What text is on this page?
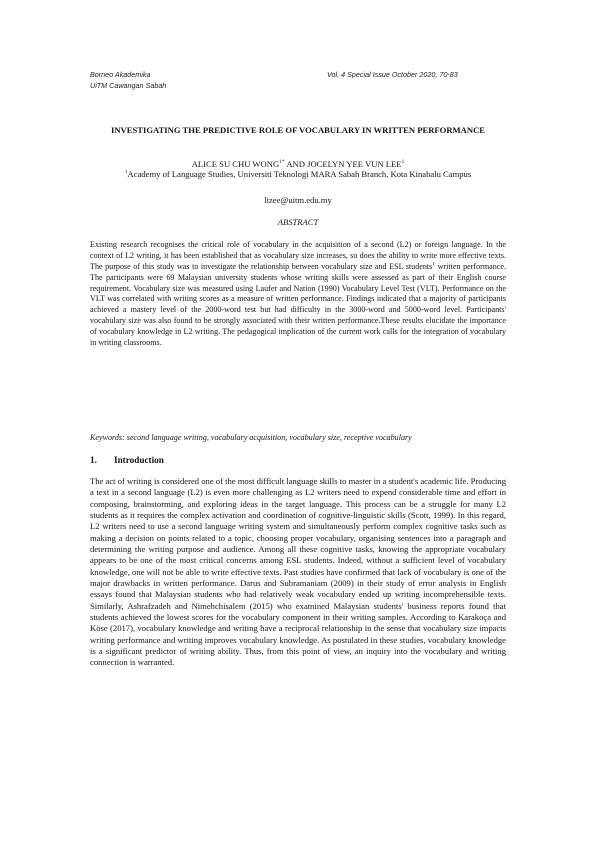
Borneo Akademika
UiTM Cawangan Sabah
Vol. 4 Special Issue October 2020, 70-83
INVESTIGATING THE PREDICTIVE ROLE OF VOCABULARY IN WRITTEN PERFORMANCE
ALICE SU CHU $WONG^{1*}$ AND JOCELYN YEE VUN LEE$^1$
$^1$Academy of Language Studies, Universiti Teknologi MARA Sabah Branch, Kota Kinabalu Campus
lizee@uitm.edu.my
ABSTRACT

Existing research recognises the critical role of vocabulary in the acquisition of a second (L2) or foreign language. In the context of L2 writing, it has been established that as vocabulary size increases, so does the ability to write more effective texts. The purpose of this study was to investigate the relationship between vocabulary size and ESL students$^1$ written performance. The participants were 69 Malaysian university students whose writing skills were assessed as part of their English course requirement. Vocabulary size was measured using Laufer and Nation (1990) Vocabulary Level Test (VLT). Performance on the VLT was correlated with writing scores as a measure of written performance. Findings indicated that a majority of participants achieved a mastery level of the 2000-word test but had difficulty in the 3000-word and 5000-word level. Participants' vocabulary size was also found to be strongly associated with their written performance.These results elucidate the importance of vocabulary knowledge in L2 writing. The pedagogical implication of the current work calls for the integration of vocabulary in writing classrooms.

Keywords: second language writing, vocabulary acquisition, vocabulary size, receptive vocabulary

1. Introduction

The act of writing is considered one of the most difficult language skills to master in a student's academic life. Producing a text in a second language (L2) is even more challenging as L2 writers need to expend considerable time and effort in composing, brainstorming, and exploring ideas in the target language. This process can be a struggle for many L2 students as it requires the complex activation and coordination of cognitive-linguistic skills (Scott, 1999). In this regard, L2 writers need to use a second language writing system and simultaneously perform complex cognitive tasks such as making a decision on points related to a topic, choosing proper vocabulary, organising sentences into a paragraph and determining the writing purpose and audience. Among all these cognitive tasks, knowing the appropriate vocabulary appears to be one of the most critical concerns among ESL students. Indeed, without a sufficient level of vocabulary knowledge, one will not be able to write effective texts. Past studies have confirmed that lack of vocabulary is one of the major drawbacks in written performance. Darus and Subramaniam (2009) in their study of error analysis in English essays found that Malaysian students who had relatively weak vocabulary ended up writing incomprehensible texts. Similarly, Ashrafzadeh and Nimehchisalem (2015) who examined Malaysian students' business reports found that students achieved the lowest scores for the vocabulary component in their writing samples. According to Karakoça and Köse (2017), vocabulary knowledge and writing have a reciprocal relationship in the sense that vocabulary size impacts writing performance and writing improves vocabulary knowledge. As postulated in these studies, vocabulary knowledge is a significant predictor of writing ability. Thus, from this point of view, an inquiry into the vocabulary and writing connection is warranted.
